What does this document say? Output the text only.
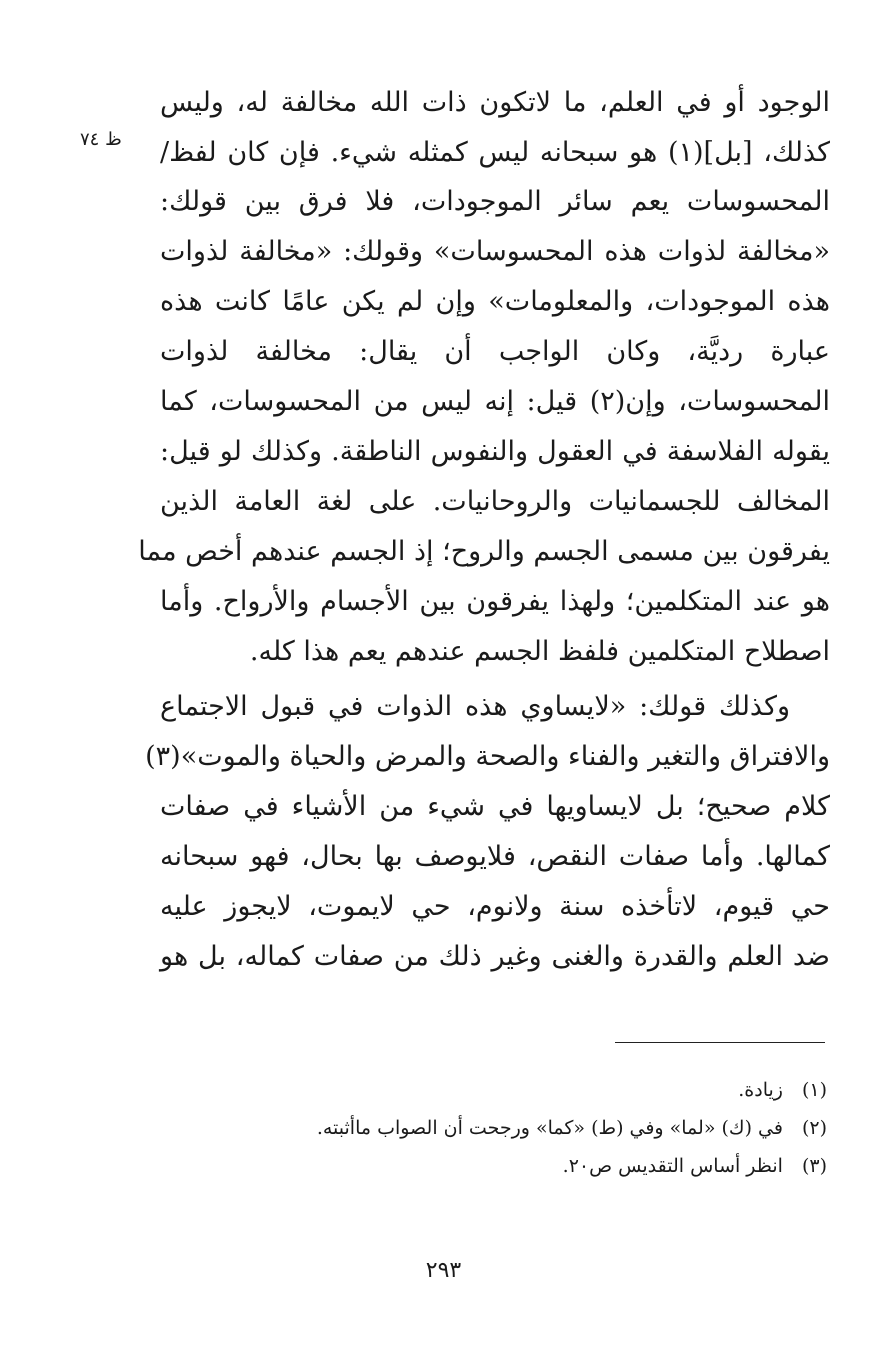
ظ ٧٤
الوجود أو في العلم، ما لاتكون ذات الله مخالفة له، وليس
كذلك، [بل](١) هو سبحانه ليس كمثله شيء. فإن كان لفظ/
المحسوسات يعم سائر الموجودات، فلا فرق بين قولك:
«مخالفة لذوات هذه المحسوسات» وقولك: «مخالفة لذوات
هذه الموجودات، والمعلومات» وإن لم يكن عامًا كانت هذه
عبارة رديَّة، وكان الواجب أن يقال: مخالفة لذوات
المحسوسات، وإن(٢) قيل: إنه ليس من المحسوسات، كما
يقوله الفلاسفة في العقول والنفوس الناطقة. وكذلك لو قيل:
المخالف للجسمانيات والروحانيات. على لغة العامة الذين
يفرقون بين مسمى الجسم والروح؛ إذ الجسم عندهم أخص مما
هو عند المتكلمين؛ ولهذا يفرقون بين الأجسام والأرواح. وأما
اصطلاح المتكلمين فلفظ الجسم عندهم يعم هذا كله.
وكذلك قولك: «لايساوي هذه الذوات في قبول الاجتماع
والافتراق والتغير والفناء والصحة والمرض والحياة والموت»(٣)
كلام صحيح؛ بل لايساويها في شيء من الأشياء في صفات
كمالها. وأما صفات النقص، فلايوصف بها بحال، فهو سبحانه
حي قيوم، لاتأخذه سنة ولانوم، حي لايموت، لايجوز عليه
ضد العلم والقدرة والغنى وغير ذلك من صفات كماله، بل هو
(١) زيادة.
(٢) في (ك) «لما» وفي (ط) «كما» ورجحت أن الصواب ماأثبته.
(٣) انظر أساس التقديس ص٢٠.
٢٩٣
